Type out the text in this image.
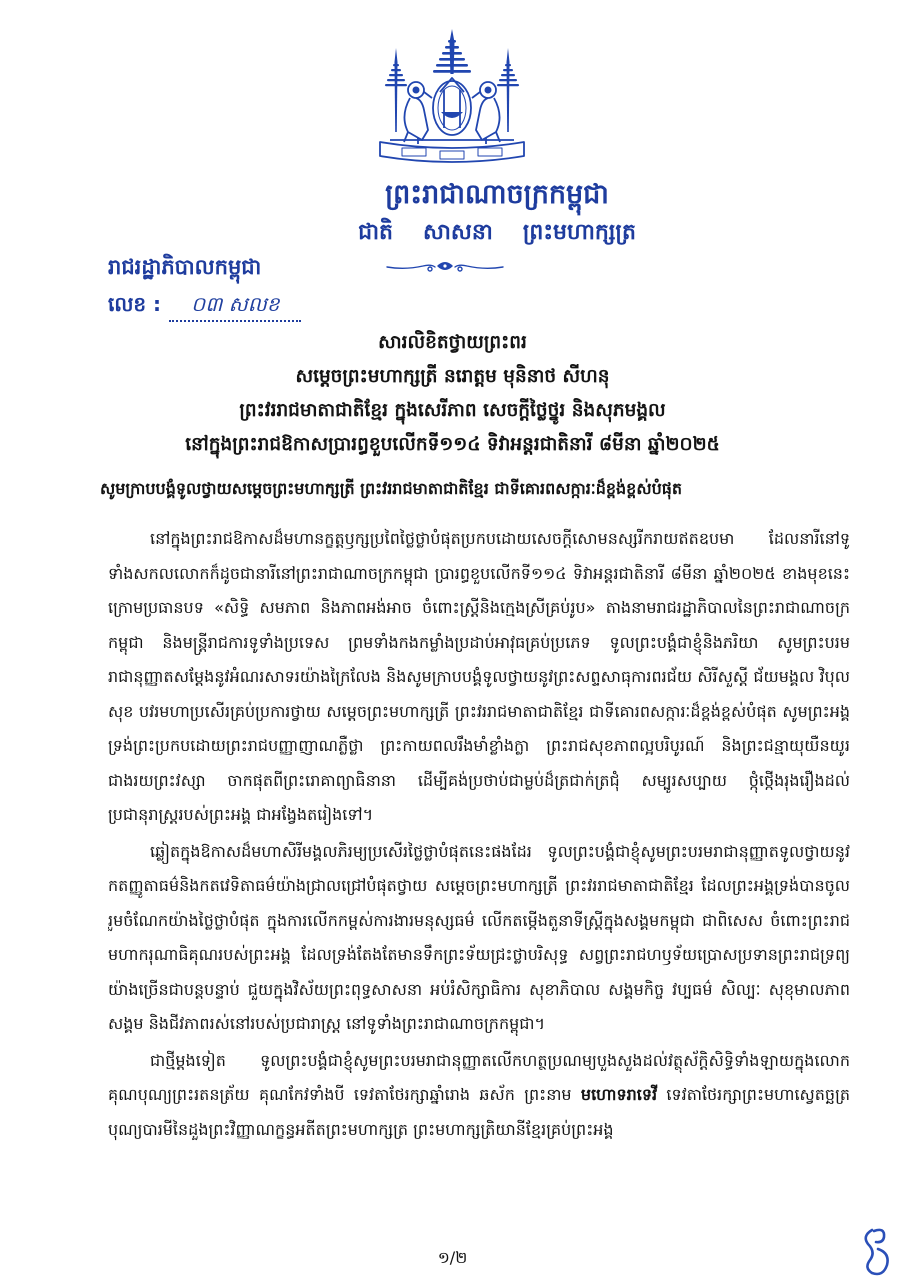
ព្រះរាជាណាចក្រកម្ពុជា
ជាតិ សាសនា ព្រះមហាក្សត្រ
រាជរដ្ឋាភិបាលកម្ពុជា
លេខ :	០៣ សលខ
សារលិខិតថ្វាយព្រះពរ
សម្តេចព្រះមហាក្សត្រី នរោត្តម មុនិនាថ សីហនុ
ព្រះវររាជមាតាជាតិខ្មែរ ក្នុងសេរីភាព សេចក្តីថ្លៃថ្នូរ និងសុភមង្គល
នៅក្នុងព្រះរាជឱកាសប្រារព្ធខួបលើកទី១១៤ ទិវាអន្តរជាតិនារី ៨មីនា ឆ្នាំ២០២៥
សូមក្រាបបង្គំទូលថ្វាយសម្តេចព្រះមហាក្សត្រី ព្រះវររាជមាតាជាតិខ្មែរ ជាទីគោរពសក្ការៈដ៏ខ្ពង់ខ្ពស់បំផុត

នៅក្នុងព្រះរាជឱកាសដ៏មហានក្ខត្តឫក្សប្រពៃថ្លៃថ្លាបំផុតប្រកបដោយសេចក្តីសោមនស្សរីករាយឥតឧបមា ដែលនារីនៅទូទាំងសកលលោកក៏ដូចជានារីនៅព្រះរាជាណាចក្រកម្ពុជា ប្រារព្ធខួបលើកទី១១៤ ទិវាអន្តរជាតិនារី ៨មីនា ឆ្នាំ២០២៥ ខាងមុខនេះ ក្រោមប្រធានបទ «សិទ្ធិ សមភាព និងភាពអង់អាច ចំពោះស្ត្រីនិងក្មេងស្រីគ្រប់រូប» តាងនាមរាជរដ្ឋាភិបាលនៃព្រះរាជាណាចក្រកម្ពុជា និងមន្ត្រីរាជការទូទាំងប្រទេស ព្រមទាំងកងកម្លាំងប្រដាប់អាវុធគ្រប់ប្រភេទ ទូលព្រះបង្គំជាខ្ញុំនិងភរិយា សូមព្រះបរមរាជានុញ្ញាតសម្តែងនូវអំណរសាទរយ៉ាងក្រៃលែង និងសូមក្រាបបង្គំទូលថ្វាយនូវព្រះសព្ទសាធុការពរជ័យ សិរីសួស្តី ជ័យមង្គល វិបុលសុខ បវរមហាប្រសើរគ្រប់ប្រការថ្វាយ សម្តេចព្រះមហាក្សត្រី ព្រះវររាជមាតាជាតិខ្មែរ ជាទីគោរពសក្ការៈដ៏ខ្ពង់ខ្ពស់បំផុត សូមព្រះអង្គទ្រង់ព្រះប្រកបដោយព្រះរាជបញ្ញាញាណភ្លឺថ្លា ព្រះកាយពលរឹងមាំខ្លាំងក្លា ព្រះរាជសុខភាពល្អបរិបូរណ៍ និងព្រះជន្មាយុយឺនយូរជាងរយព្រះវស្សា ចាកផុតពីព្រះរោគាព្យាធិនានា ដើម្បីគង់ប្រថាប់ជាម្លប់ដ៏ត្រជាក់ត្រជុំ សម្បូរសប្បាយ ថ្កុំថ្កើងរុងរឿងដល់ប្រជានុរាស្ត្ររបស់ព្រះអង្គ ជាអង្វែងតរៀងទៅ។

ឆ្លៀតក្នុងឱកាសដ៏មហាសិរីមង្គលភិរម្យប្រសើរថ្លៃថ្លាបំផុតនេះផងដែរ ទូលព្រះបង្គំជាខ្ញុំសូមព្រះបរមរាជានុញ្ញាតទូលថ្វាយនូវកតញ្ញូតាធម៌និងកតវេទិតាធម៌យ៉ាងជ្រាលជ្រៅបំផុតថ្វាយ សម្តេចព្រះមហាក្សត្រី ព្រះវររាជមាតាជាតិខ្មែរ ដែលព្រះអង្គទ្រង់បានចូលរួមចំណែកយ៉ាងថ្លៃថ្លាបំផុត ក្នុងការលើកកម្ពស់ការងារមនុស្សធម៌ លើកតម្កើងតួនាទីស្ត្រីក្នុងសង្គមកម្ពុជា ជាពិសេស ចំពោះព្រះរាជមហាករុណាធិគុណរបស់ព្រះអង្គ ដែលទ្រង់តែងតែមានទឹកព្រះទ័យជ្រះថ្លាបរិសុទ្ធ សព្វព្រះរាជហឫទ័យប្រោសប្រទានព្រះរាជទ្រព្យយ៉ាងច្រើនជាបន្តបន្ទាប់ ជួយក្នុងវិស័យព្រះពុទ្ធសាសនា អប់រំសិក្សាធិការ សុខាភិបាល សង្គមកិច្ច វប្បធម៌ សិល្បៈ សុខុមាលភាពសង្គម និងជីវភាពរស់នៅរបស់ប្រជារាស្ត្រ នៅទូទាំងព្រះរាជាណាចក្រកម្ពុជា។

ជាថ្មីម្តងទៀត ទូលព្រះបង្គំជាខ្ញុំសូមព្រះបរមរាជានុញ្ញាតលើកហត្ថប្រណម្យបួងសួងដល់វត្ថុស័ក្តិសិទ្ធិទាំងឡាយក្នុងលោក គុណបុណ្យព្រះរតនត្រ័យ គុណកែវទាំងបី ទេវតាថែរក្សាឆ្នាំរោង ឆស័ក ព្រះនាម មហោទរាទេវី ទេវតាថែរក្សាព្រះមហាស្វេតច្ឆត្រ បុណ្យបារមីនៃដួងព្រះវិញ្ញាណក្ខន្ធអតីតព្រះមហាក្សត្រ ព្រះមហាក្សត្រិយានីខ្មែរគ្រប់ព្រះអង្គ

១/២
